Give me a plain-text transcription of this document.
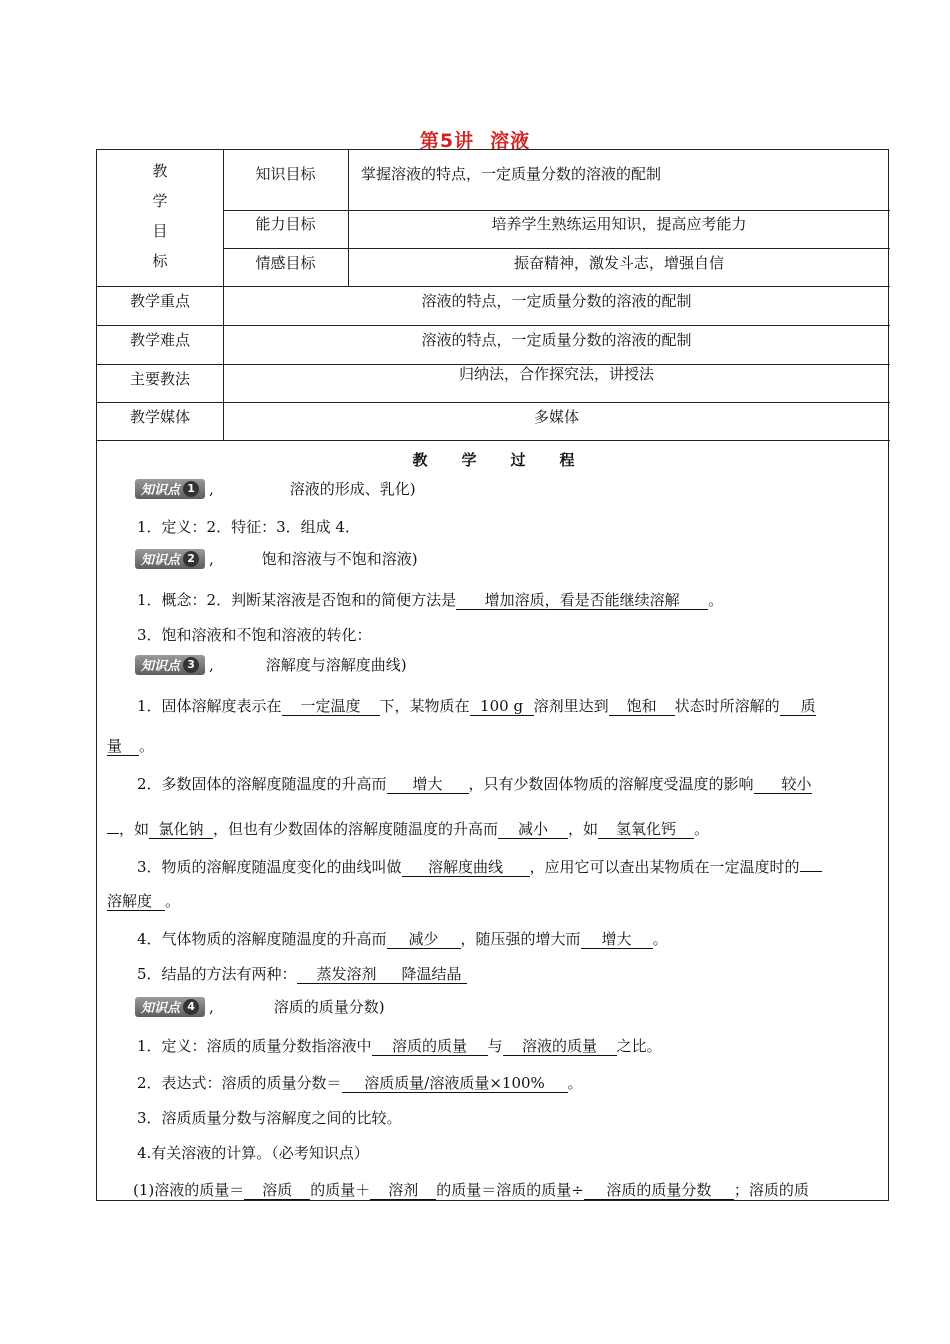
第5讲 溶液
教
学
目
标
知识目标	掌握溶液的特点，一定质量分数的溶液的配制
能力目标	培养学生熟练运用知识，提高应考能力
情感目标	振奋精神，激发斗志，增强自信
教学重点	溶液的特点，一定质量分数的溶液的配制
教学难点	溶液的特点，一定质量分数的溶液的配制
主要教法	归纳法，合作探究法，讲授法
教学媒体	多媒体
教学过程
知识点 1 ,	溶液的形成、乳化)
1．定义：2．特征：3．组成 4．
知识点 2 ,	饱和溶液与不饱和溶液)
1．概念：2．判断某溶液是否饱和的简便方法是 增加溶质，看是否能继续溶解 。
3．饱和溶液和不饱和溶液的转化：
知识点 3 ,	溶解度与溶解度曲线)
1．固体溶解度表示在 一定温度 下，某物质在 100 g 溶剂里达到 饱和 状态时所溶解的 质
量 。
2．多数固体的溶解度随温度的升高而 增大 ，只有少数固体物质的溶解度受温度的影响 较小
，如 氯化钠 ，但也有少数固体的溶解度随温度的升高而 减小 ，如 氢氧化钙 。
3．物质的溶解度随温度变化的曲线叫做 溶解度曲线 ，应用它可以查出某物质在一定温度时的
溶解度 。
4．气体物质的溶解度随温度的升高而 减少 ，随压强的增大而 增大 。
5．结晶的方法有两种： 蒸发溶剂 降温结晶
知识点 4 ,	溶质的质量分数)
1．定义：溶质的质量分数指溶液中 溶质的质量 与 溶液的质量 之比。
2．表达式：溶质的质量分数＝ 溶质质量/溶液质量×100% 。
3．溶质质量分数与溶解度之间的比较。
4.有关溶液的计算。（必考知识点）
(1)溶液的质量＝ 溶质 的质量＋ 溶剂 的质量＝溶质的质量÷ 溶质的质量分数 ；溶质的质
